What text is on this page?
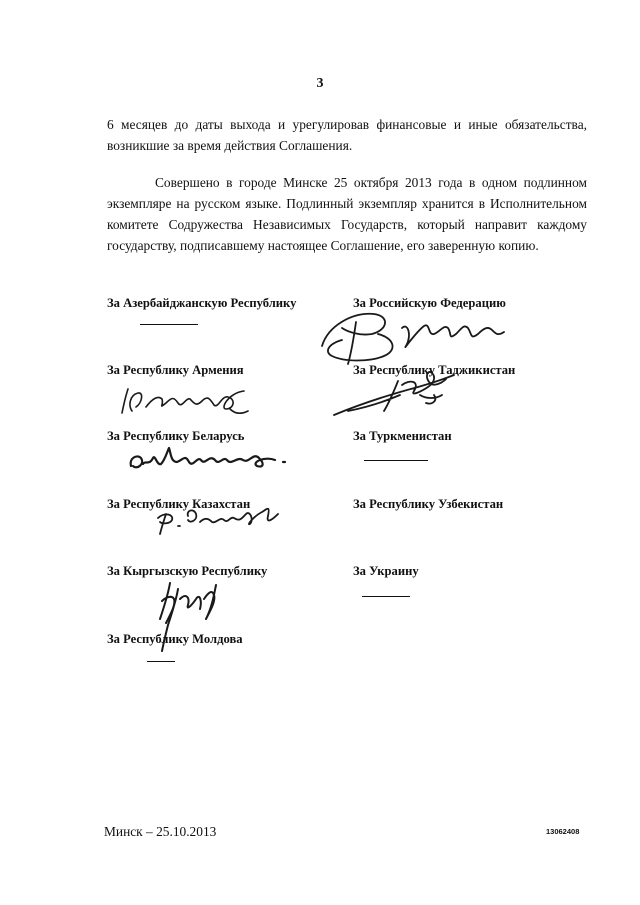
3
6 месяцев до даты выхода и урегулировав финансовые и иные обязательства, возникшие за время действия Соглашения.
Совершено в городе Минске 25 октября 2013 года в одном подлинном экземпляре на русском языке. Подлинный экземпляр хранится в Исполнительном комитете Содружества Независимых Государств, который направит каждому государству, подписавшему настоящее Соглашение, его заверенную копию.
За Азербайджанскую Республику
За Республику Армения
За Республику Беларусь
За Республику Казахстан
За Кыргызскую Республику
За Республику Молдова
За Российскую Федерацию
За Республику Таджикистан
За Туркменистан
За Республику Узбекистан
За Украину
Минск – 25.10.2013	13062408
